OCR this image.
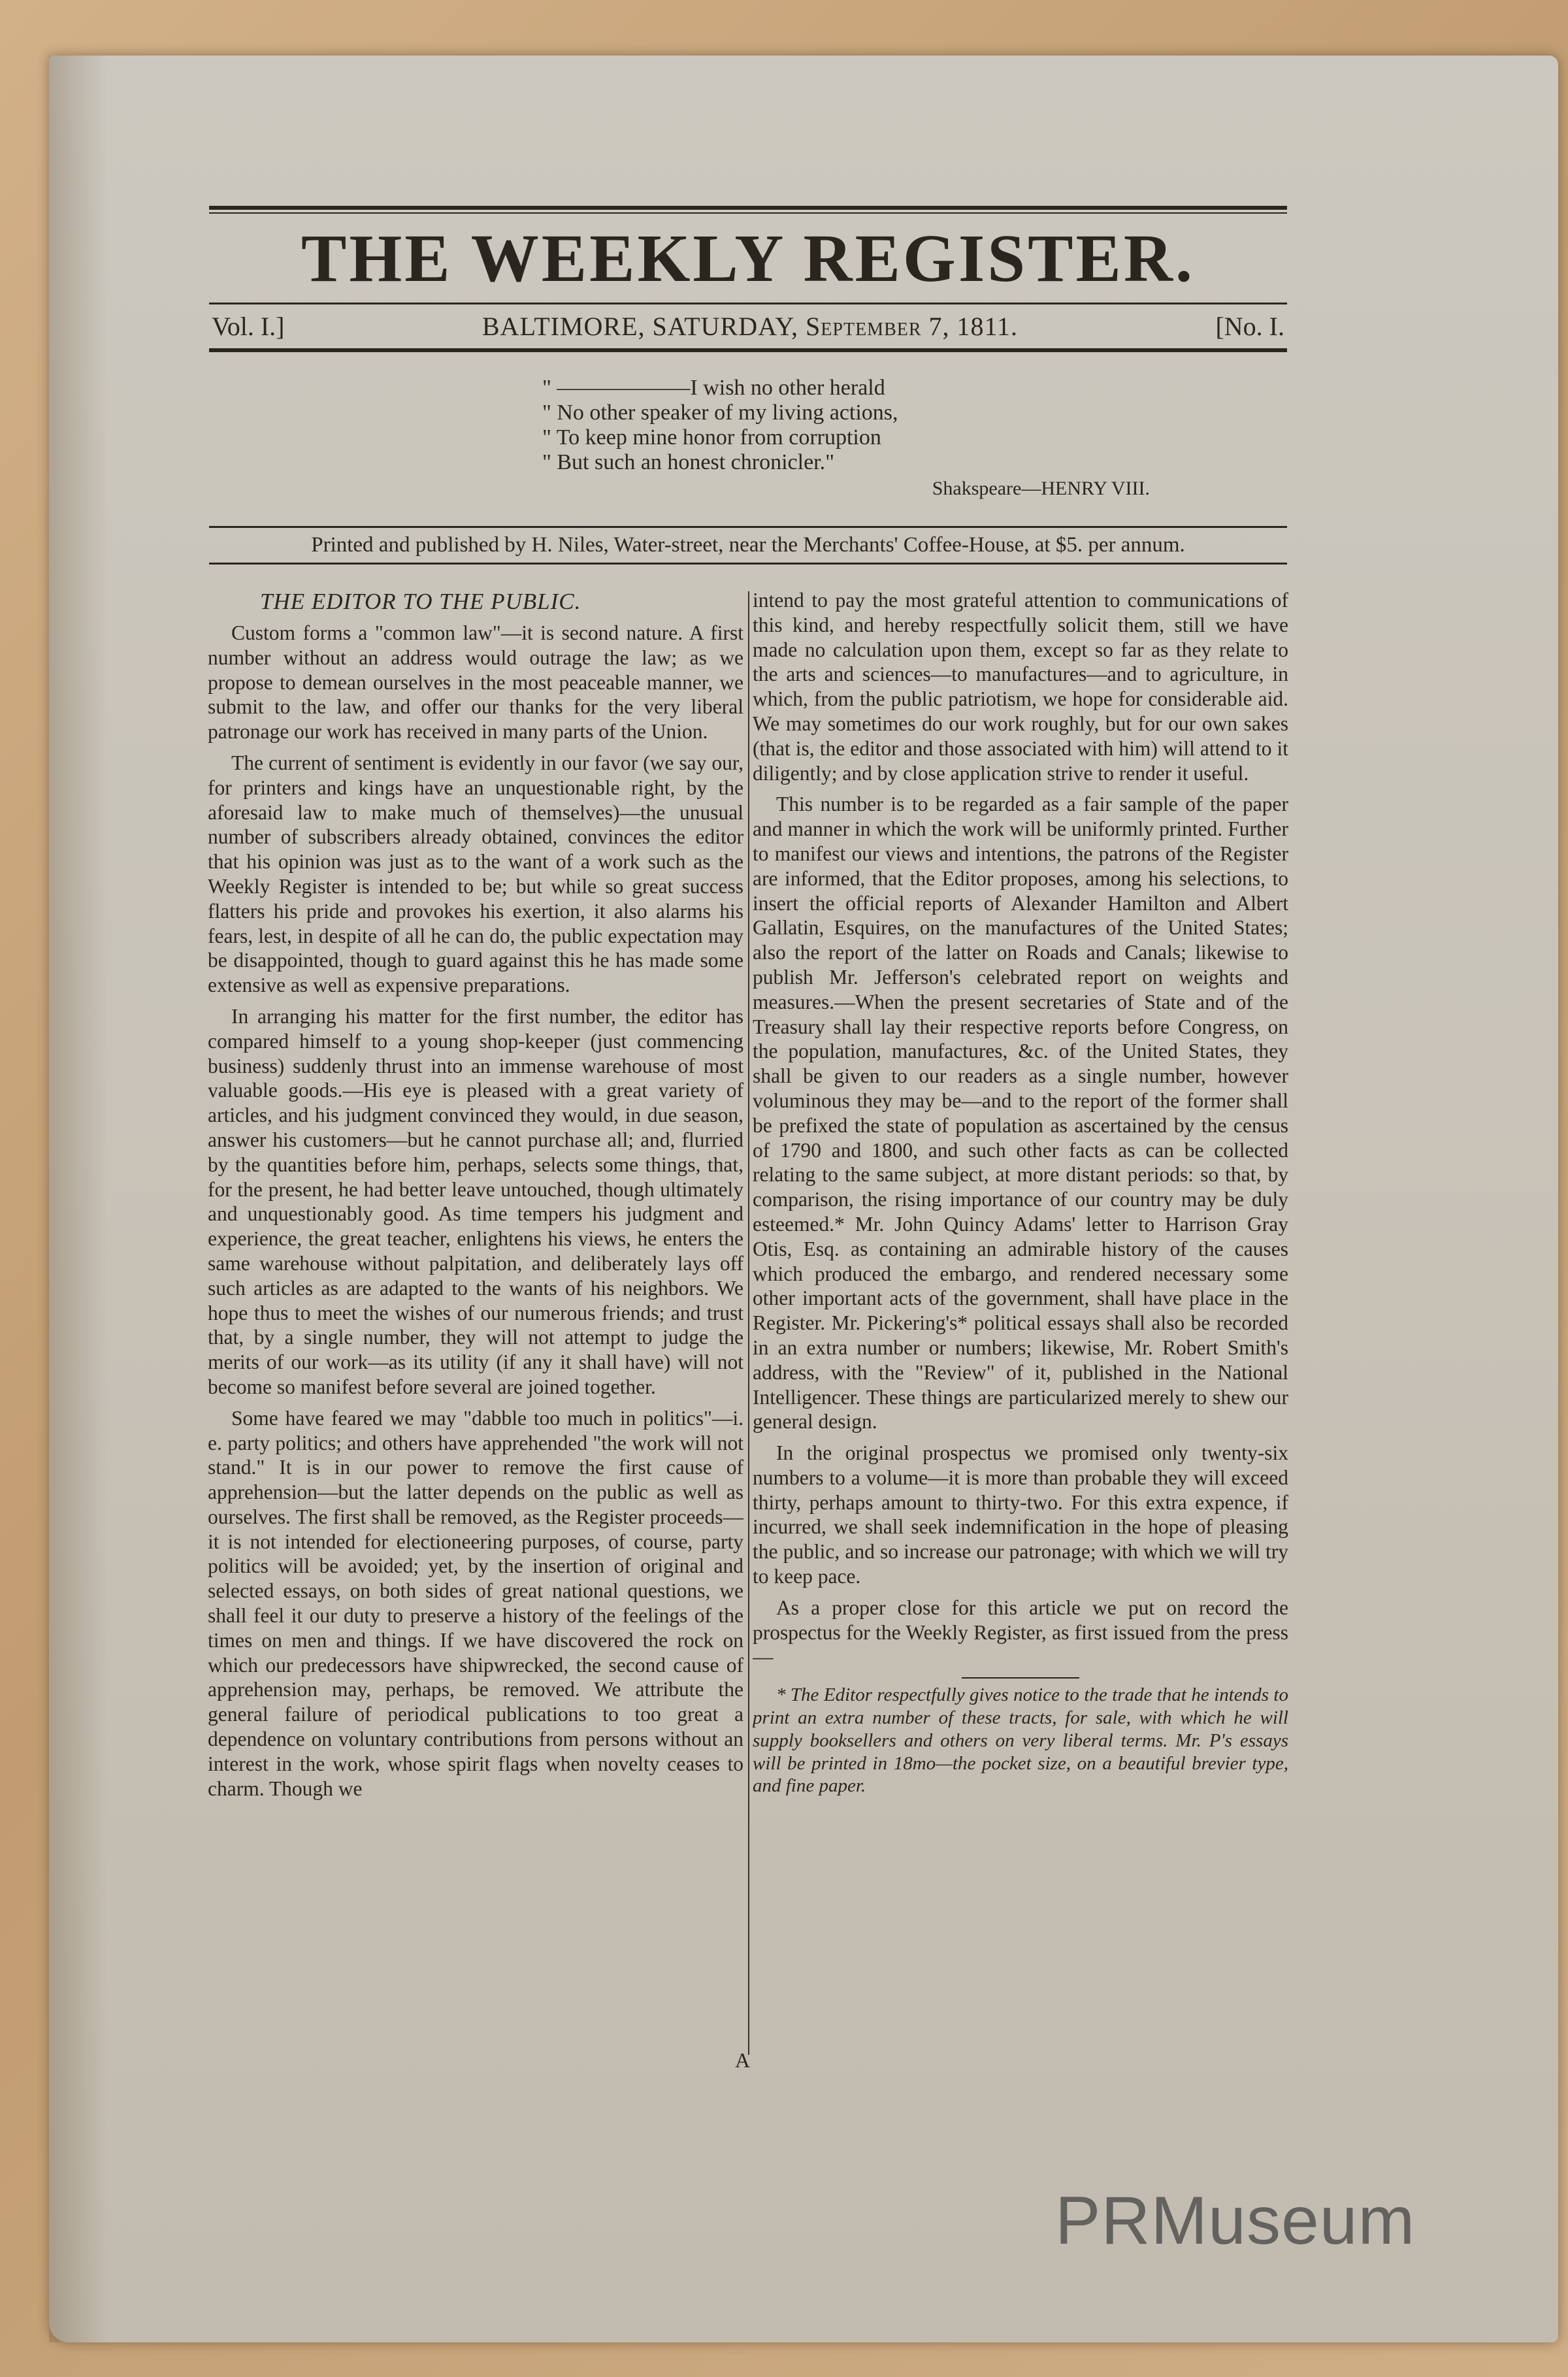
THE WEEKLY REGISTER.
Vol. I.]	BALTIMORE, SATURDAY, September 7, 1811.	[No. I.

" ——————I wish no other herald

" No other speaker of my living actions,

" To keep mine honor from corruption

" But such an honest chronicler."

Shakspeare—HENRY VIII.

Printed and published by H. Niles, Water-street, near the Merchants' Coffee-House, at $5. per annum.
THE EDITOR TO THE PUBLIC.

Custom forms a "common law"—it is second nature. A first number without an address would outrage the law; as we propose to demean ourselves in the most peaceable manner, we submit to the law, and offer our thanks for the very liberal patronage our work has received in many parts of the Union.

The current of sentiment is evidently in our favor (we say our, for printers and kings have an unquestionable right, by the aforesaid law to make much of themselves)—the unusual number of subscribers already obtained, convinces the editor that his opinion was just as to the want of a work such as the Weekly Register is intended to be; but while so great success flatters his pride and provokes his exertion, it also alarms his fears, lest, in despite of all he can do, the public expectation may be disappointed, though to guard against this he has made some extensive as well as expensive preparations.

In arranging his matter for the first number, the editor has compared himself to a young shop-keeper (just commencing business) suddenly thrust into an immense warehouse of most valuable goods.—His eye is pleased with a great variety of articles, and his judgment convinced they would, in due season, answer his customers—but he cannot purchase all; and, flurried by the quantities before him, perhaps, selects some things, that, for the present, he had better leave untouched, though ultimately and unquestionably good. As time tempers his judgment and experience, the great teacher, enlightens his views, he enters the same warehouse without palpitation, and deliberately lays off such articles as are adapted to the wants of his neighbors. We hope thus to meet the wishes of our numerous friends; and trust that, by a single number, they will not attempt to judge the merits of our work—as its utility (if any it shall have) will not become so manifest before several are joined together.

Some have feared we may "dabble too much in politics"—i. e. party politics; and others have apprehended "the work will not stand." It is in our power to remove the first cause of apprehension—but the latter depends on the public as well as ourselves. The first shall be removed, as the Register proceeds—it is not intended for electioneering purposes, of course, party politics will be avoided; yet, by the insertion of original and selected essays, on both sides of great national questions, we shall feel it our duty to preserve a history of the feelings of the times on men and things. If we have discovered the rock on which our predecessors have shipwrecked, the second cause of apprehension may, perhaps, be removed. We attribute the general failure of periodical publications to too great a dependence on voluntary contributions from persons without an interest in the work, whose spirit flags when novelty ceases to charm. Though we

intend to pay the most grateful attention to communications of this kind, and hereby respectfully solicit them, still we have made no calculation upon them, except so far as they relate to the arts and sciences—to manufactures—and to agriculture, in which, from the public patriotism, we hope for considerable aid. We may sometimes do our work roughly, but for our own sakes (that is, the editor and those associated with him) will attend to it diligently; and by close application strive to render it useful.

This number is to be regarded as a fair sample of the paper and manner in which the work will be uniformly printed. Further to manifest our views and intentions, the patrons of the Register are informed, that the Editor proposes, among his selections, to insert the official reports of Alexander Hamilton and Albert Gallatin, Esquires, on the manufactures of the United States; also the report of the latter on Roads and Canals; likewise to publish Mr. Jefferson's celebrated report on weights and measures.—When the present secretaries of State and of the Treasury shall lay their respective reports before Congress, on the population, manufactures, &c. of the United States, they shall be given to our readers as a single number, however voluminous they may be—and to the report of the former shall be prefixed the state of population as ascertained by the census of 1790 and 1800, and such other facts as can be collected relating to the same subject, at more distant periods: so that, by comparison, the rising importance of our country may be duly esteemed.* Mr. John Quincy Adams' letter to Harrison Gray Otis, Esq. as containing an admirable history of the causes which produced the embargo, and rendered necessary some other important acts of the government, shall have place in the Register. Mr. Pickering's* political essays shall also be recorded in an extra number or numbers; likewise, Mr. Robert Smith's address, with the "Review" of it, published in the National Intelligencer. These things are particularized merely to shew our general design.

In the original prospectus we promised only twenty-six numbers to a volume—it is more than probable they will exceed thirty, perhaps amount to thirty-two. For this extra expence, if incurred, we shall seek indemnification in the hope of pleasing the public, and so increase our patronage; with which we will try to keep pace.

As a proper close for this article we put on record the prospectus for the Weekly Register, as first issued from the press—

* The Editor respectfully gives notice to the trade that he intends to print an extra number of these tracts, for sale, with which he will supply booksellers and others on very liberal terms. Mr. P's essays will be printed in 18mo—the pocket size, on a beautiful brevier type, and fine paper.

A
PRMuseum
